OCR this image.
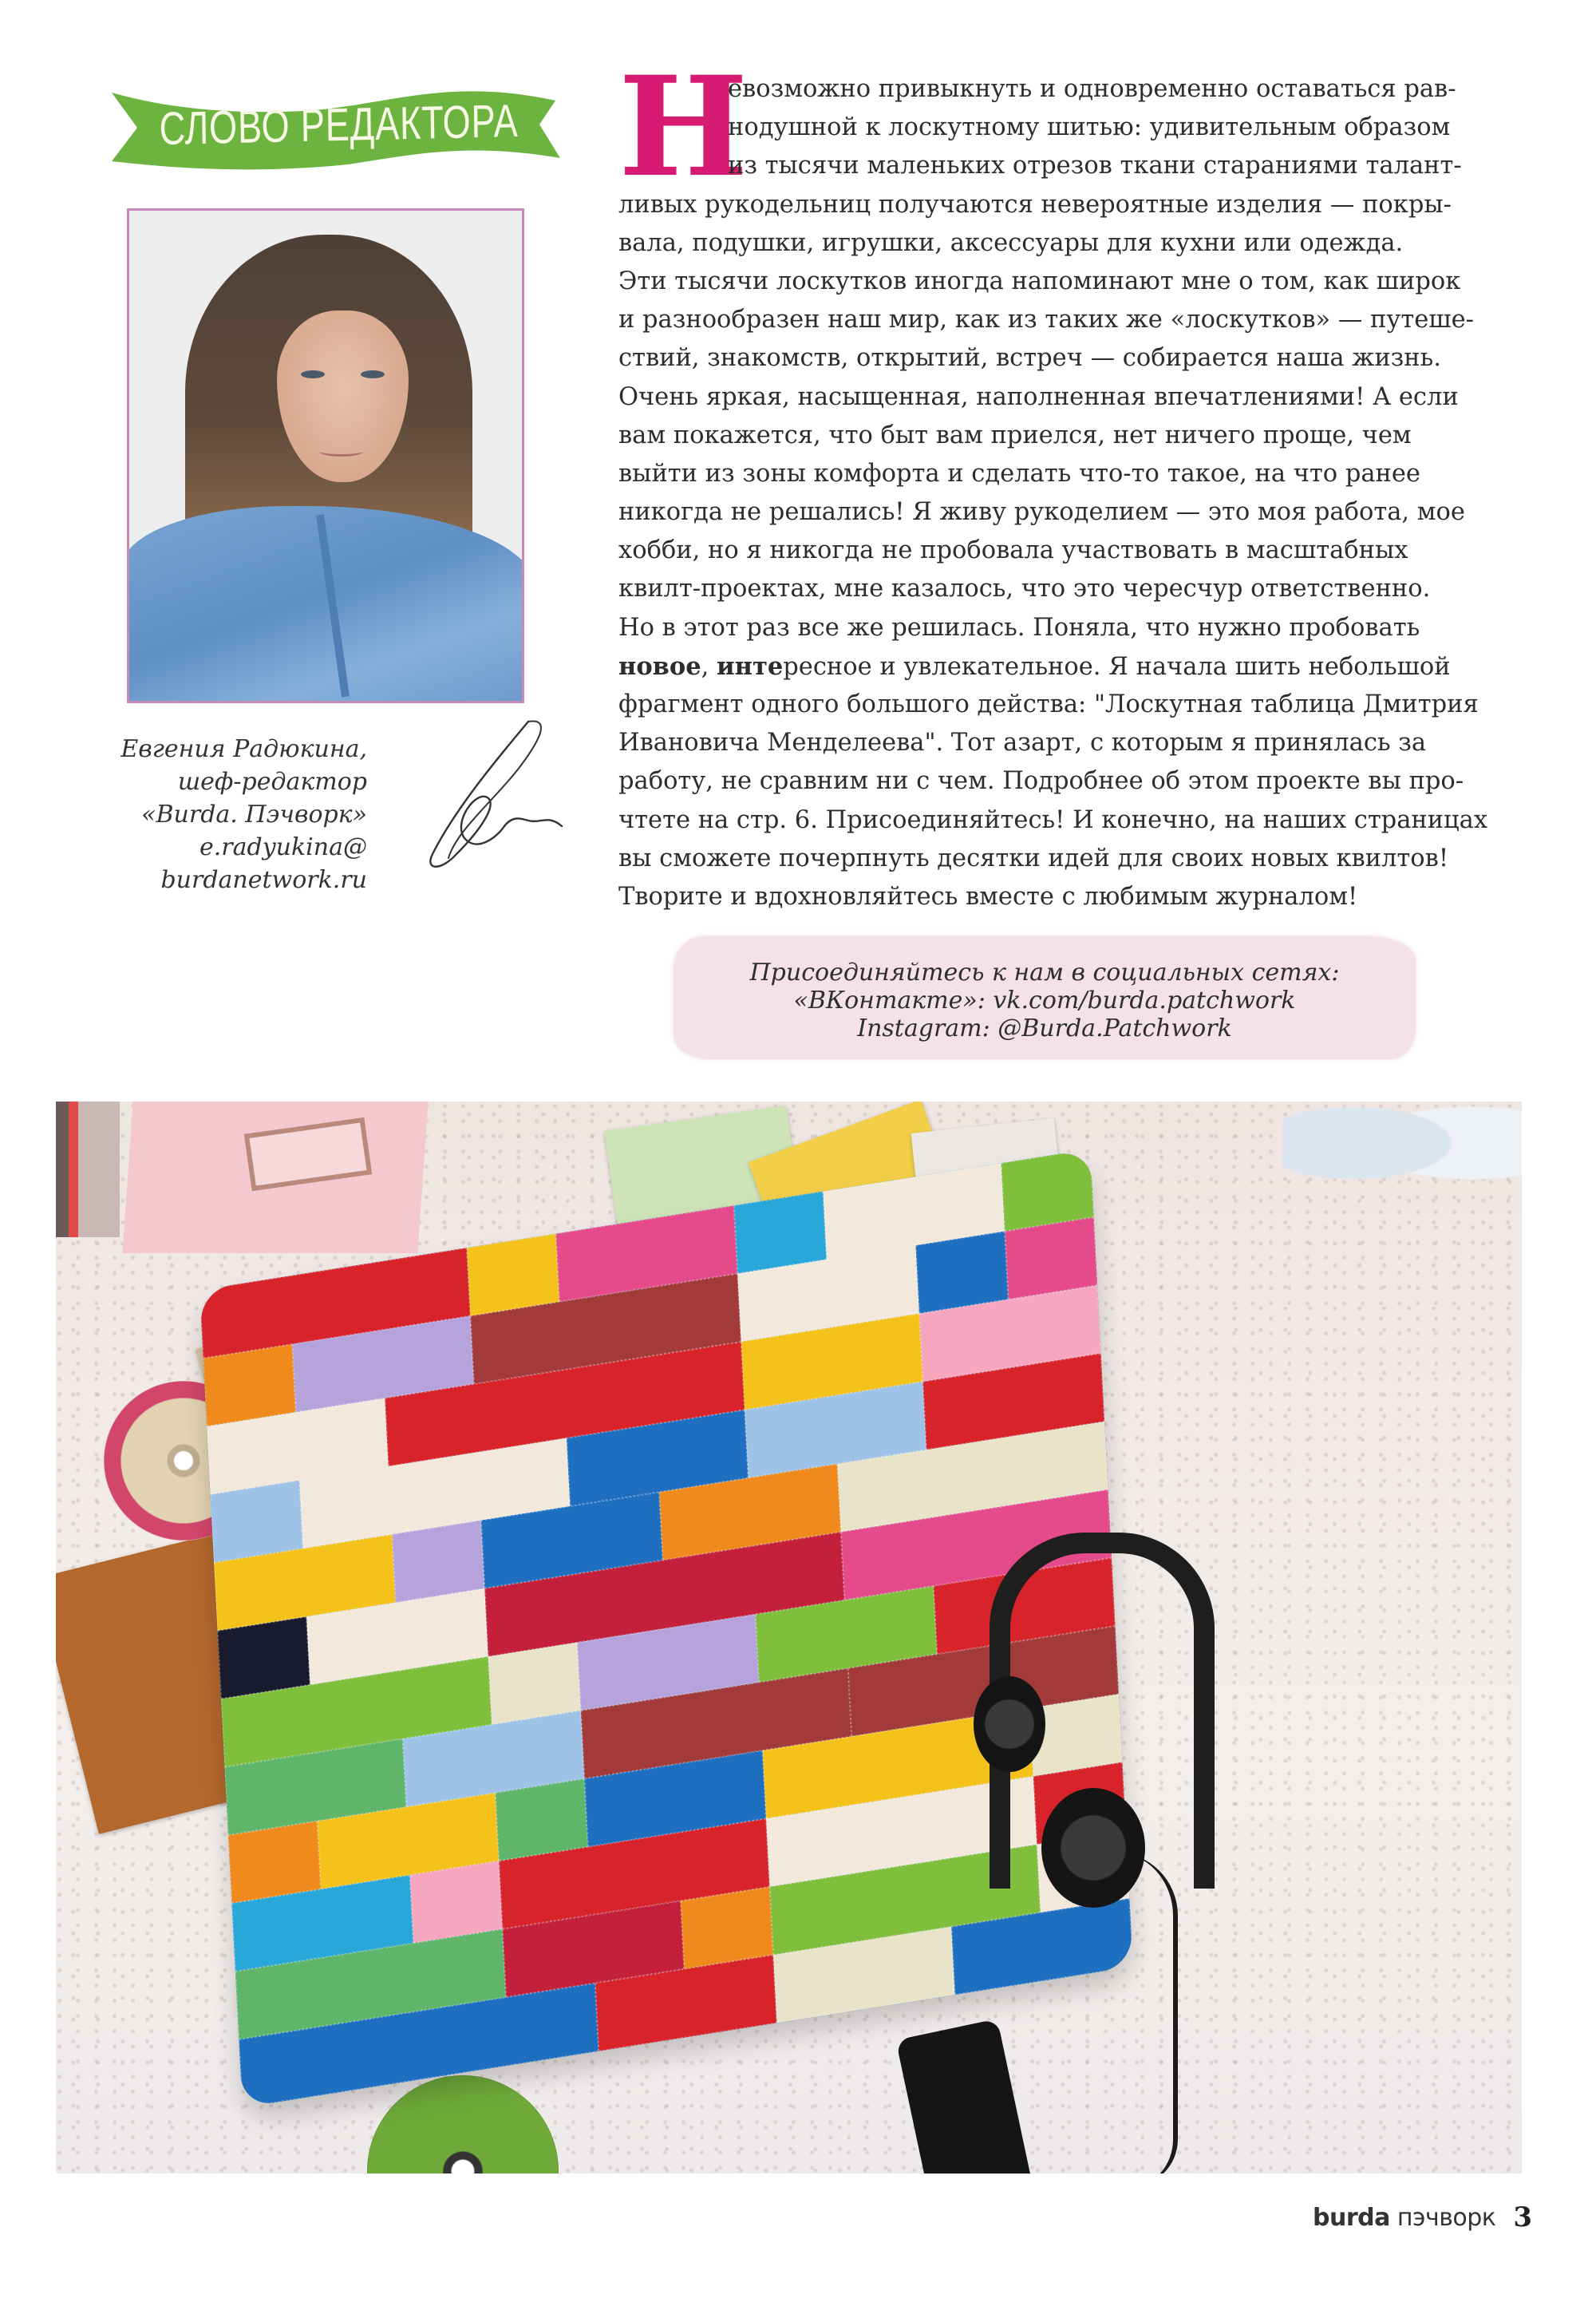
СЛОВО РЕДАКТОРА
Евгения Радюкина,
шеф-редактор
«Burda. Пэчворк»
e.radyukina@
burdanetwork.ru
Н
евозможно привыкнуть и одновременно оставаться рав-
нодушной к лоскутному шитью: удивительным образом
из тысячи маленьких отрезов ткани стараниями талант-
ливых рукодельниц получаются невероятные изделия — покры-
вала, подушки, игрушки, аксессуары для кухни или одежда.
Эти тысячи лоскутков иногда напоминают мне о том, как широк
и разнообразен наш мир, как из таких же «лоскутков» — путеше-
ствий, знакомств, открытий, встреч — собирается наша жизнь.
Очень яркая, насыщенная, наполненная впечатлениями! А если
вам покажется, что быт вам приелся, нет ничего проще, чем
выйти из зоны комфорта и сделать что-то такое, на что ранее
никогда не решались! Я живу рукоделием — это моя работа, мое
хобби, но я никогда не пробовала участвовать в масштабных
квилт-проектах, мне казалось, что это чересчур ответственно.
Но в этот раз все же решилась. Поняла, что нужно пробовать
новое, интересное и увлекательное. Я начала шить небольшой
фрагмент одного большого действа: "Лоскутная таблица Дмитрия
Ивановича Менделеева". Тот азарт, с которым я принялась за
работу, не сравним ни с чем. Подробнее об этом проекте вы про-
чтете на стр. 6. Присоединяйтесь! И конечно, на наших страницах
вы сможете почерпнуть десятки идей для своих новых квилтов!
Творите и вдохновляйтесь вместе с любимым журналом!
Присоединяйтесь к нам в социальных сетях:
«ВКонтакте»: vk.com/burda.patchwork
Instagram: @Burda.Patchwork
burda пэчворк 3
